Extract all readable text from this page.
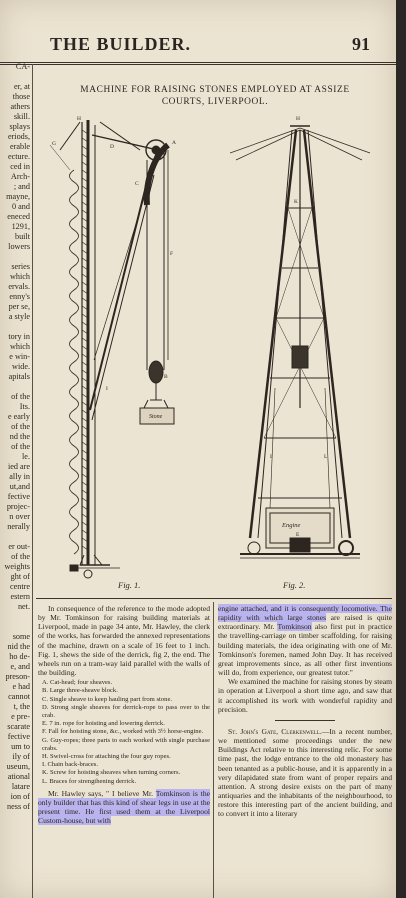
THE BUILDER.	91
CA-
er, at
those
athers
skill.
splays
eriods,
erable
ecture.
ced in
Arch-
; and
mayne,
0 and
eneced
1291,
built
lowers
series
which
ervals.
enny's
per se,
a style
tory in
which
e win-
wide.
apitals
of the
Its.
e early
of the
nd the
of the
le.
ied are
ally in
ut,and
fective
projec-
n over
nerally
er out-
of the
weights
ght of
centre
estern
net.
some
nid the
ho de-
e, and
preson-
e had
cannot
t, the
e pre-
scarate
fective
um to
ily of
useum,
ational
latare
ion of
ness of
MACHINE FOR RAISING STONES EMPLOYED AT ASSIZE
COURTS, LIVERPOOL.
H
G	A
D
C
F
B
I
Stone
H
K
I	L
E
Engine
Fig. 1.	Fig. 2.

In consequence of the reference to the mode adopted by Mr. Tomkinson for raising building materials at Liverpool, made in page 34 ante, Mr. Hawley, the clerk of the works, has forwarded the annexed representations of the machine, drawn on a scale of 16 feet to 1 inch. Fig. 1, shews the side of the derrick, fig 2, the end. The wheels run on a tram-way laid parallel with the walls of the building.

A. Cat-head; four sheaves.
B. Large three-sheave block.
C. Single sheave to keep hauling part from stone.
D. Strong single sheaves for derrick-rope to pass over to the crab.
E. 7 in. rope for hoisting and lowering derrick.
F. Fall for hoisting stone, &c., worked with 3½ horse-engine.
G. Guy-ropes; three parts to each worked with single purchase crabs.
H. Swivel-cross for attaching the four guy ropes.
I. Chain back-braces.
K. Screw for hoisting sheaves when turning corners.
L. Braces for strengthening derrick.

Mr. Hawley says, " I believe Mr. Tomkinson is the only builder that has this kind of shear legs in use at the present time. He first used them at the Liverpool Custom-house, but with

engine attached, and it is consequently locomotive. The rapidity with which large stones are raised is quite extraordinary. Mr. Tomkinson also first put in practice the travelling-carriage on timber scaffolding, for raising building materials, the idea originating with one of Mr. Tomkinson's foremen, named John Day. It has received great improvements since, as all other first inventions will do, from experience, our greatest tutor."

We examined the machine for raising stones by steam in operation at Liverpool a short time ago, and saw that it accomplished its work with wonderful rapidity and precision.

St. John's Gate, Clerkenwell.—In a recent number, we mentioned some proceedings under the new Buildings Act relative to this interesting relic. For some time past, the lodge entrance to the old monastery has been tenanted as a public-house, and it is apparently in a very dilapidated state from want of proper repairs and attention. A strong desire exists on the part of many antiquaries and the inhabitants of the neighbourhood, to restore this interesting part of the ancient building, and to convert it into a literary
